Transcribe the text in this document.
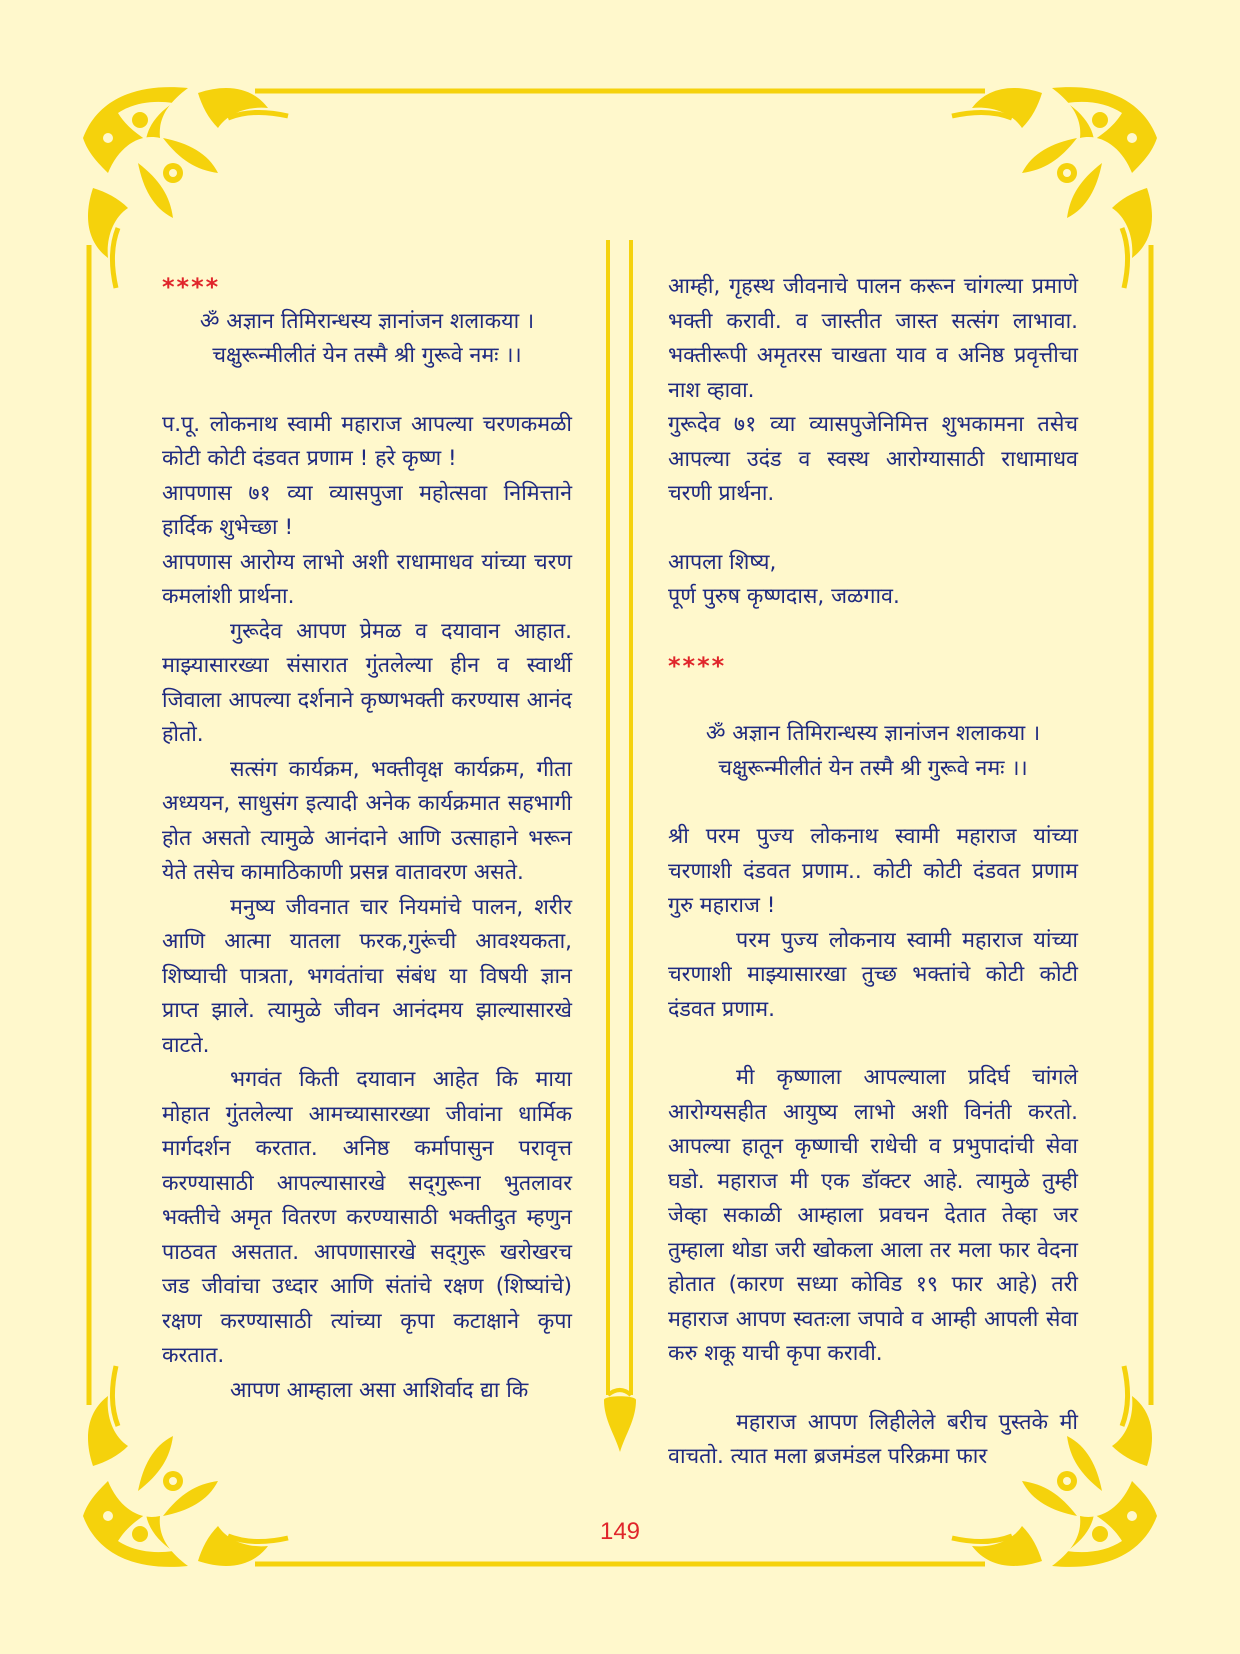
****

ॐ अज्ञान तिमिरान्धस्य ज्ञानांजन शलाकया ।

चक्षुरून्मीलीतं येन तस्मै श्री गुरूवे नमः ।।

प.पू. लोकनाथ स्वामी महाराज आपल्या चरणकमळी कोटी कोटी दंडवत प्रणाम ! हरे कृष्ण !

आपणास ७१ व्या व्यासपुजा महोत्सवा निमित्ताने हार्दिक शुभेच्छा !

आपणास आरोग्य लाभो अशी राधामाधव यांच्या चरण कमलांशी प्रार्थना.

गुरूदेव आपण प्रेमळ व दयावान आहात. माझ्यासारख्या संसारात गुंतलेल्या हीन व स्वार्थी जिवाला आपल्या दर्शनाने कृष्णभक्ती करण्यास आनंद होतो.

सत्संग कार्यक्रम, भक्तीवृक्ष कार्यक्रम, गीता अध्ययन, साधुसंग इत्यादी अनेक कार्यक्रमात सहभागी होत असतो त्यामुळे आनंदाने आणि उत्साहाने भरून येते तसेच कामाठिकाणी प्रसन्न वातावरण असते.

मनुष्य जीवनात चार नियमांचे पालन, शरीर आणि आत्मा यातला फरक,गुरूंची आवश्यकता, शिष्याची पात्रता, भगवंतांचा संबंध या विषयी ज्ञान प्राप्त झाले. त्यामुळे जीवन आनंदमय झाल्यासारखे वाटते.

भगवंत किती दयावान आहेत कि माया मोहात गुंतलेल्या आमच्यासारख्या जीवांना धार्मिक मार्गदर्शन करतात. अनिष्ठ कर्मापासुन परावृत्त करण्यासाठी आपल्यासारखे सद्‌गुरूना भुतलावर भक्तीचे अमृत वितरण करण्यासाठी भक्तीदुत म्हणुन पाठवत असतात. आपणासारखे सद्‌गुरू खरोखरच जड जीवांचा उध्दार आणि संतांचे रक्षण (शिष्यांचे) रक्षण करण्यासाठी त्यांच्या कृपा कटाक्षाने कृपा करतात.

आपण आम्हाला असा आशिर्वाद द्या कि

आम्ही, गृहस्थ जीवनाचे पालन करून चांगल्या प्रमाणे भक्ती करावी. व जास्तीत जास्त सत्संग लाभावा. भक्तीरूपी अमृतरस चाखता याव व अनिष्ठ प्रवृत्तीचा नाश व्हावा.

गुरूदेव ७१ व्या व्यासपुजेनिमित्त शुभकामना तसेच आपल्या उदंड व स्वस्थ आरोग्यासाठी राधामाधव चरणी प्रार्थना.

आपला शिष्य,

पूर्ण पुरुष कृष्णदास, जळगाव.

****

ॐ अज्ञान तिमिरान्धस्य ज्ञानांजन शलाकया ।

चक्षुरून्मीलीतं येन तस्मै श्री गुरूवे नमः ।।

श्री परम पुज्य लोकनाथ स्वामी महाराज यांच्या चरणाशी दंडवत प्रणाम.. कोटी कोटी दंडवत प्रणाम गुरु महाराज !

परम पुज्य लोकनाय स्वामी महाराज यांच्या चरणाशी माझ्यासारखा तुच्छ भक्तांचे कोटी कोटी दंडवत प्रणाम.

मी कृष्णाला आपल्याला प्रदिर्घ चांगले आरोग्यसहीत आयुष्य लाभो अशी विनंती करतो. आपल्या हातून कृष्णाची राधेची व प्रभुपादांची सेवा घडो. महाराज मी एक डॉक्टर आहे. त्यामुळे तुम्ही जेव्हा सकाळी आम्हाला प्रवचन देतात तेव्हा जर तुम्हाला थोडा जरी खोकला आला तर मला फार वेदना होतात (कारण सध्या कोविड १९ फार आहे) तरी महाराज आपण स्वतःला जपावे व आम्ही आपली सेवा करु शकू याची कृपा करावी.

महाराज आपण लिहीलेले बरीच पुस्तके मी वाचतो. त्यात मला ब्रजमंडल परिक्रमा फार

149
